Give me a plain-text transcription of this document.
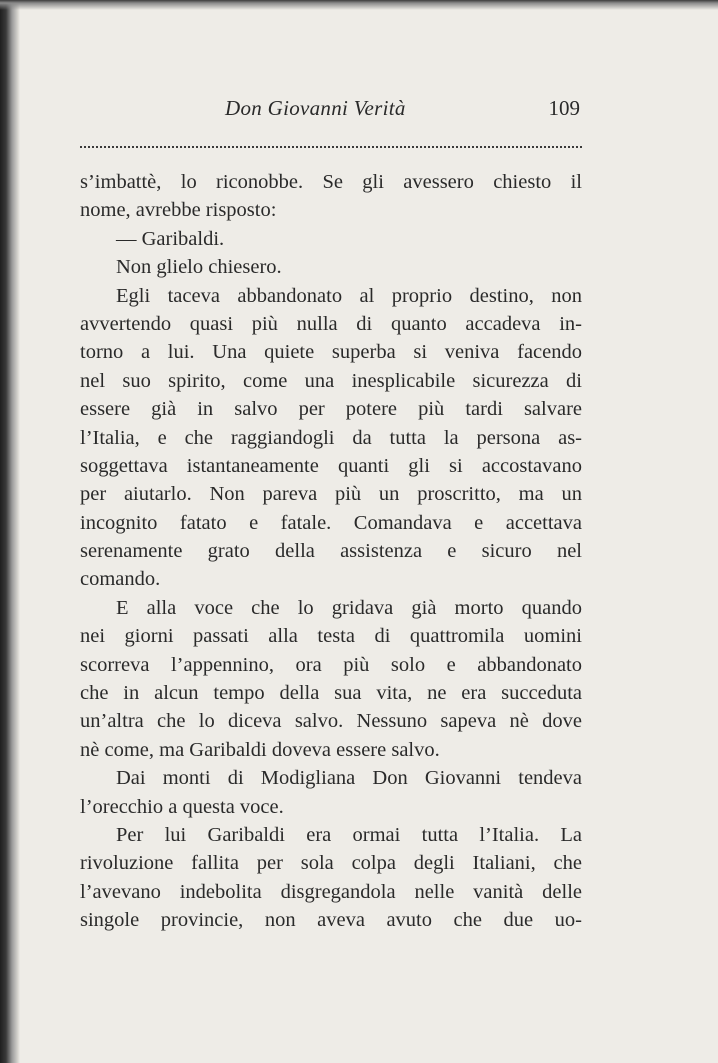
Don Giovanni Verità	109
s’imbattè, lo riconobbe. Se gli avessero chiesto il
nome, avrebbe risposto:
— Garibaldi.
Non glielo chiesero.
Egli taceva abbandonato al proprio destino, non
avvertendo quasi più nulla di quanto accadeva in-
torno a lui. Una quiete superba si veniva facendo
nel suo spirito, come una inesplicabile sicurezza di
essere già in salvo per potere più tardi salvare
l’Italia, e che raggiandogli da tutta la persona as-
soggettava istantaneamente quanti gli si accostavano
per aiutarlo. Non pareva più un proscritto, ma un
incognito fatato e fatale. Comandava e accettava
serenamente grato della assistenza e sicuro nel
comando.
E alla voce che lo gridava già morto quando
nei giorni passati alla testa di quattromila uomini
scorreva l’appennino, ora più solo e abbandonato
che in alcun tempo della sua vita, ne era succeduta
un’altra che lo diceva salvo. Nessuno sapeva nè dove
nè come, ma Garibaldi doveva essere salvo.
Dai monti di Modigliana Don Giovanni tendeva
l’orecchio a questa voce.
Per lui Garibaldi era ormai tutta l’Italia. La
rivoluzione fallita per sola colpa degli Italiani, che
l’avevano indebolita disgregandola nelle vanità delle
singole provincie, non aveva avuto che due uo-
